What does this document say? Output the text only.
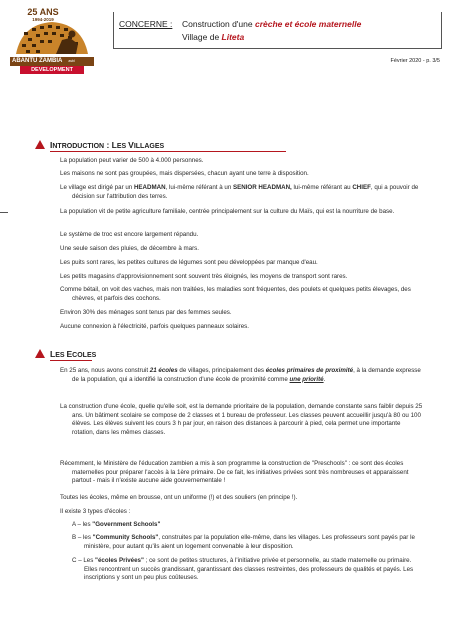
25 ANS
1994-2019
ABANTU ZAMBIA asbl
DEVELOPMENT
CONCERNE : Construction d'une crèche et école maternelle
Village de Liteta
Février 2020 - p. 3/5
INTRODUCTION : LES VILLAGES
La population peut varier de 500 à 4.000 personnes.
Les maisons ne sont pas groupées, mais dispersées, chacun ayant une terre à disposition.
Le village est dirigé par un HEADMAN, lui-même référant à un SENIOR HEADMAN, lui-même référant au CHIEF, qui a pouvoir de décision sur l'attribution des terres.
La population vit de petite agriculture familiale, centrée principalement sur la culture du Maïs, qui est la nourriture de base.
Le système de troc est encore largement répandu.
Une seule saison des pluies, de décembre à mars.
Les puits sont rares, les petites cultures de légumes sont peu développées par manque d'eau.
Les petits magasins d'approvisionnement sont souvent très éloignés, les moyens de transport sont rares.
Comme bétail, on voit des vaches, mais non traitées, les maladies sont fréquentes, des poulets et quelques petits élevages, des chèvres, et parfois des cochons.
Environ 30% des ménages sont tenus par des femmes seules.
Aucune connexion à l'électricité, parfois quelques panneaux solaires.
LES ECOLES
En 25 ans, nous avons construit 21 écoles de villages, principalement des écoles primaires de proximité, à la demande expresse de la population, qui a identifié la construction d'une école de proximité comme une priorité.
La construction d'une école, quelle qu'elle soit, est la demande prioritaire de la population, demande constante sans faiblir depuis 25 ans. Un bâtiment scolaire se compose de 2 classes et 1 bureau de professeur. Les classes peuvent accueillir jusqu'à 80 ou 100 élèves. Les élèves suivent les cours 3 h par jour, en raison des distances à parcourir à pied, cela permet une importante rotation, dans les mêmes classes.
Récemment, le Ministère de l'éducation zambien a mis à son programme la construction de "Preschools" : ce sont des écoles maternelles pour préparer l'accès à la 1ère primaire. De ce fait, les initiatives privées sont très nombreuses et apparaissent partout - mais il n'existe aucune aide gouvernementale !
Toutes les écoles, même en brousse, ont un uniforme (!) et des souliers (en principe !).
Il existe 3 types d'écoles :
A – les "Government Schools"
B – les "Community Schools", construites par la population elle-même, dans les villages. Les professeurs sont payés par le ministère, pour autant qu'ils aient un logement convenable à leur disposition.
C – Les "écoles Privées" ; ce sont de petites structures, à l'initiative privée et personnelle, au stade maternelle ou primaire. Elles rencontrent un succès grandissant, garantissant des classes restreintes, des professeurs de qualités et payés. Les inscriptions y sont un peu plus coûteuses.
